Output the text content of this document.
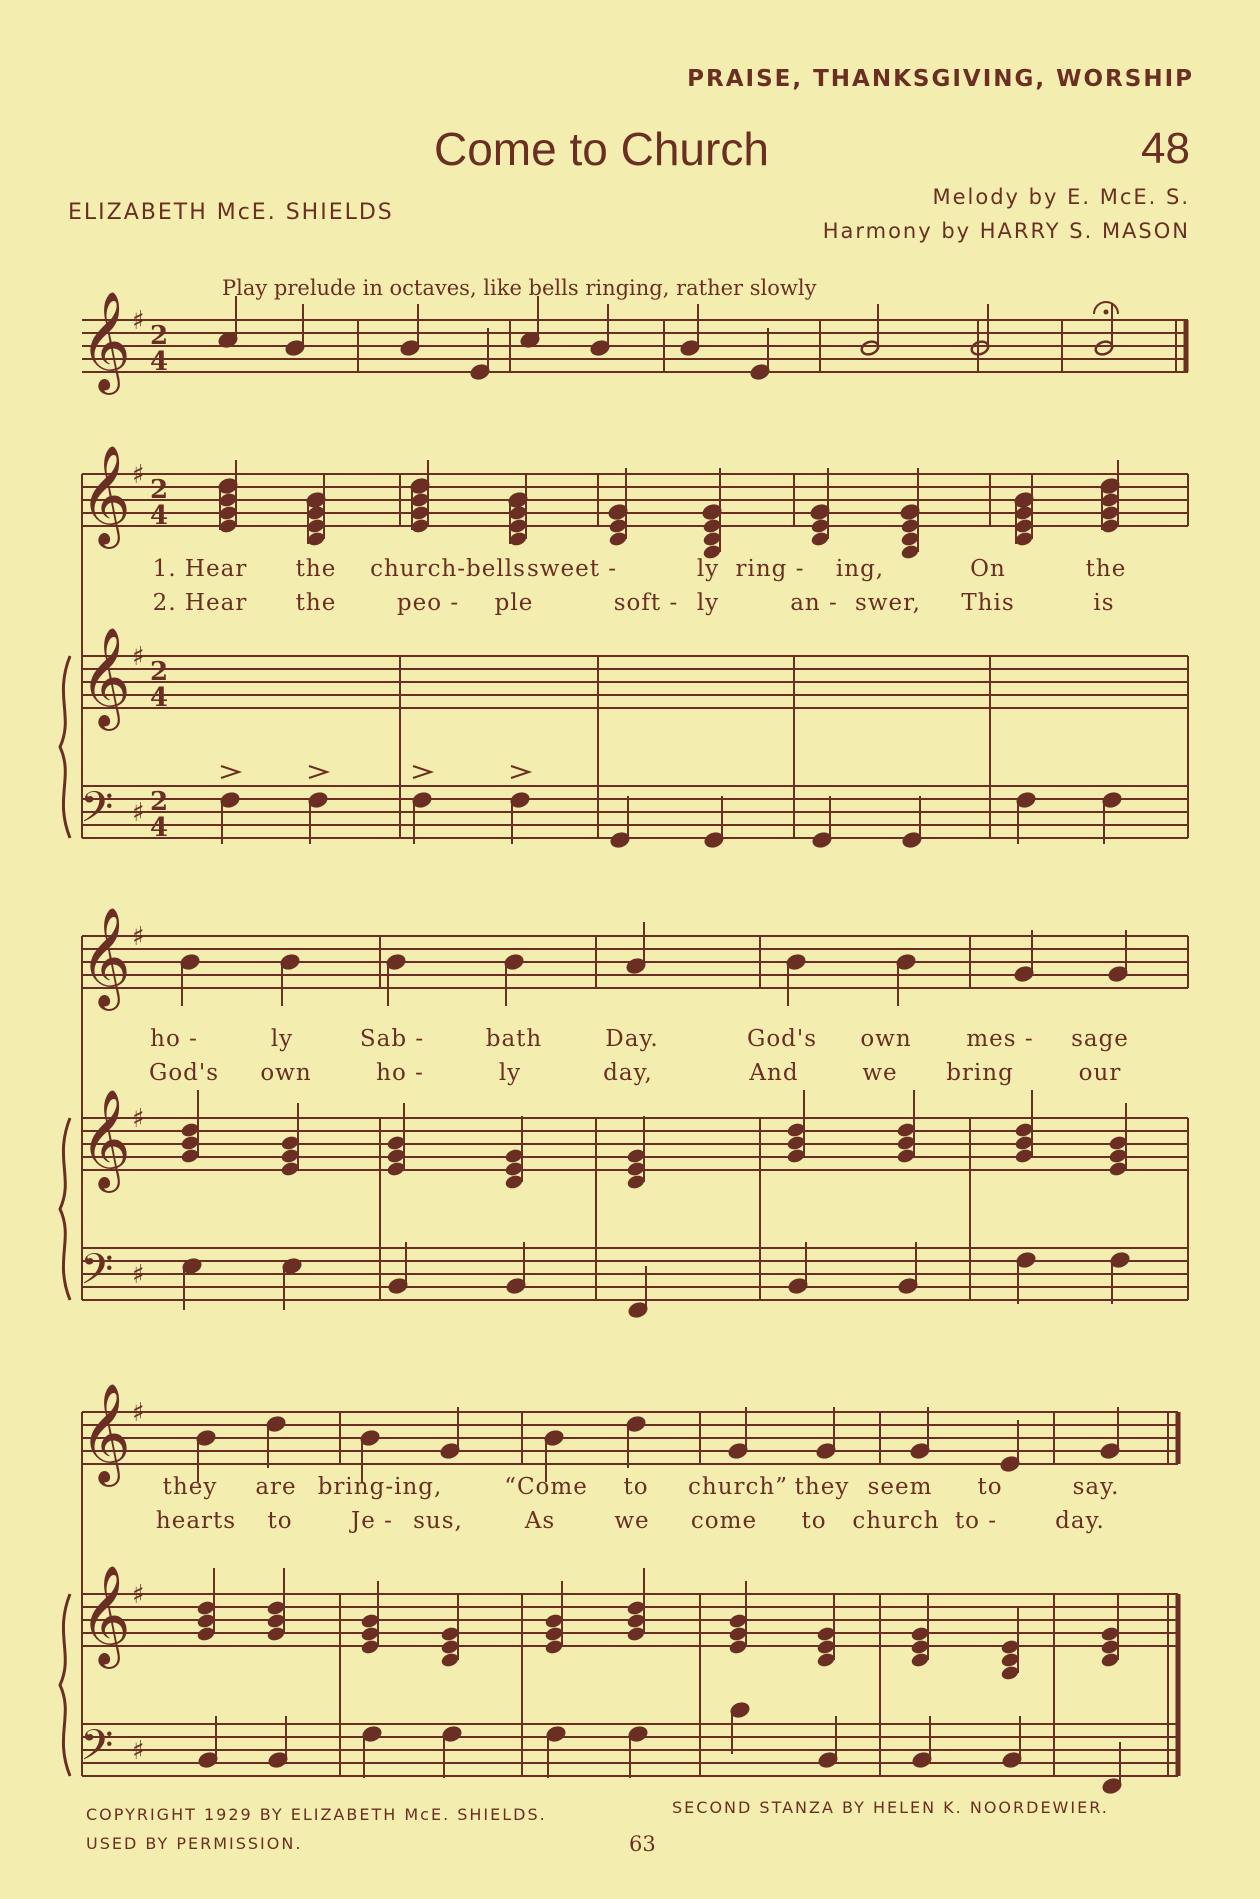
PRAISE, THANKSGIVING, WORSHIP
Come to Church	48
ELIZABETH McE. SHIELDS
Melody by E. McE. S.
Harmony by HARRY S. MASON
Play prelude in octaves, like bells ringing, rather slowly
𝄞 ♯ 2
4
𝄞
𝄞
𝄢
♯
♯
♯
2
4
2
4
2
4
𝄞
𝄞
𝄢
♯
♯
♯
𝄞
𝄞
𝄢
♯
♯
♯
1. Hear the church-bells sweet -	ly ring - ing,	On	the
2. Hear the	peo - ple	soft - ly	an - swer, This	is
ho -	ly	Sab -	bath	Day.	God's own mes - sage
God's own	ho -	ly	day,	And	we bring	our
they are bring-ing,	“Come to church” they seem to	say.
hearts to	Je - sus,	As	we come to church to -	day.
COPYRIGHT 1929 BY ELIZABETH McE. SHIELDS.
USED BY PERMISSION.
SECOND STANZA BY HELEN K. NOORDEWIER.
63
